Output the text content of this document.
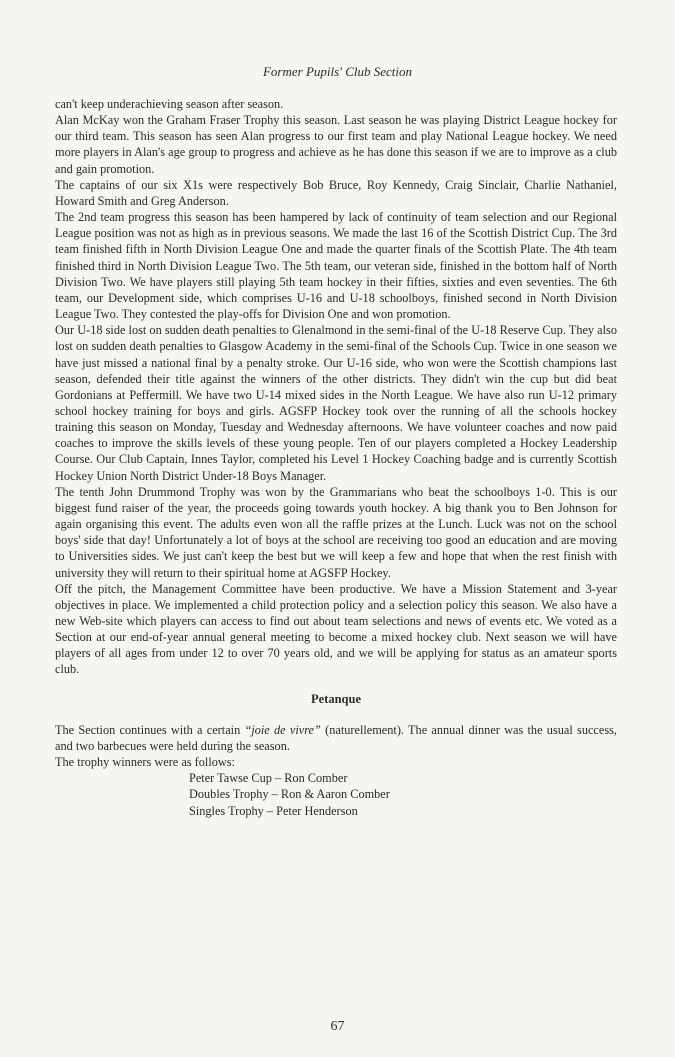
Former Pupils' Club Section

can't keep underachieving season after season.

Alan McKay won the Graham Fraser Trophy this season. Last season he was playing District League hockey for our third team. This season has seen Alan progress to our first team and play National League hockey. We need more players in Alan's age group to progress and achieve as he has done this season if we are to improve as a club and gain promotion.

The captains of our six X1s were respectively Bob Bruce, Roy Kennedy, Craig Sinclair, Charlie Nathaniel, Howard Smith and Greg Anderson.

The 2nd team progress this season has been hampered by lack of continuity of team selection and our Regional League position was not as high as in previous seasons. We made the last 16 of the Scottish District Cup. The 3rd team finished fifth in North Division League One and made the quarter finals of the Scottish Plate. The 4th team finished third in North Division League Two. The 5th team, our veteran side, finished in the bottom half of North Division Two. We have players still playing 5th team hockey in their fifties, sixties and even seventies. The 6th team, our Development side, which comprises U-16 and U-18 schoolboys, finished second in North Division League Two. They contested the play-offs for Division One and won promotion.

Our U-18 side lost on sudden death penalties to Glenalmond in the semi-final of the U-18 Reserve Cup. They also lost on sudden death penalties to Glasgow Academy in the semi-final of the Schools Cup. Twice in one season we have just missed a national final by a penalty stroke. Our U-16 side, who won were the Scottish champions last season, defended their title against the winners of the other districts. They didn't win the cup but did beat Gordonians at Peffermill. We have two U-14 mixed sides in the North League. We have also run U-12 primary school hockey training for boys and girls. AGSFP Hockey took over the running of all the schools hockey training this season on Monday, Tuesday and Wednesday afternoons. We have volunteer coaches and now paid coaches to improve the skills levels of these young people. Ten of our players completed a Hockey Leadership Course. Our Club Captain, Innes Taylor, completed his Level 1 Hockey Coaching badge and is currently Scottish Hockey Union North District Under-18 Boys Manager.

The tenth John Drummond Trophy was won by the Grammarians who beat the schoolboys 1-0. This is our biggest fund raiser of the year, the proceeds going towards youth hockey. A big thank you to Ben Johnson for again organising this event. The adults even won all the raffle prizes at the Lunch. Luck was not on the school boys' side that day! Unfortunately a lot of boys at the school are receiving too good an education and are moving to Universities sides. We just can't keep the best but we will keep a few and hope that when the rest finish with university they will return to their spiritual home at AGSFP Hockey.

Off the pitch, the Management Committee have been productive. We have a Mission Statement and 3-year objectives in place. We implemented a child protection policy and a selection policy this season. We also have a new Web-site which players can access to find out about team selections and news of events etc. We voted as a Section at our end-of-year annual general meeting to become a mixed hockey club. Next season we will have players of all ages from under 12 to over 70 years old, and we will be applying for status as an amateur sports club.

Petanque

The Section continues with a certain “joie de vivre” (naturellement). The annual dinner was the usual success, and two barbecues were held during the season.

The trophy winners were as follows:

Peter Tawse Cup – Ron Comber
Doubles Trophy – Ron & Aaron Comber
Singles Trophy – Peter Henderson
67
